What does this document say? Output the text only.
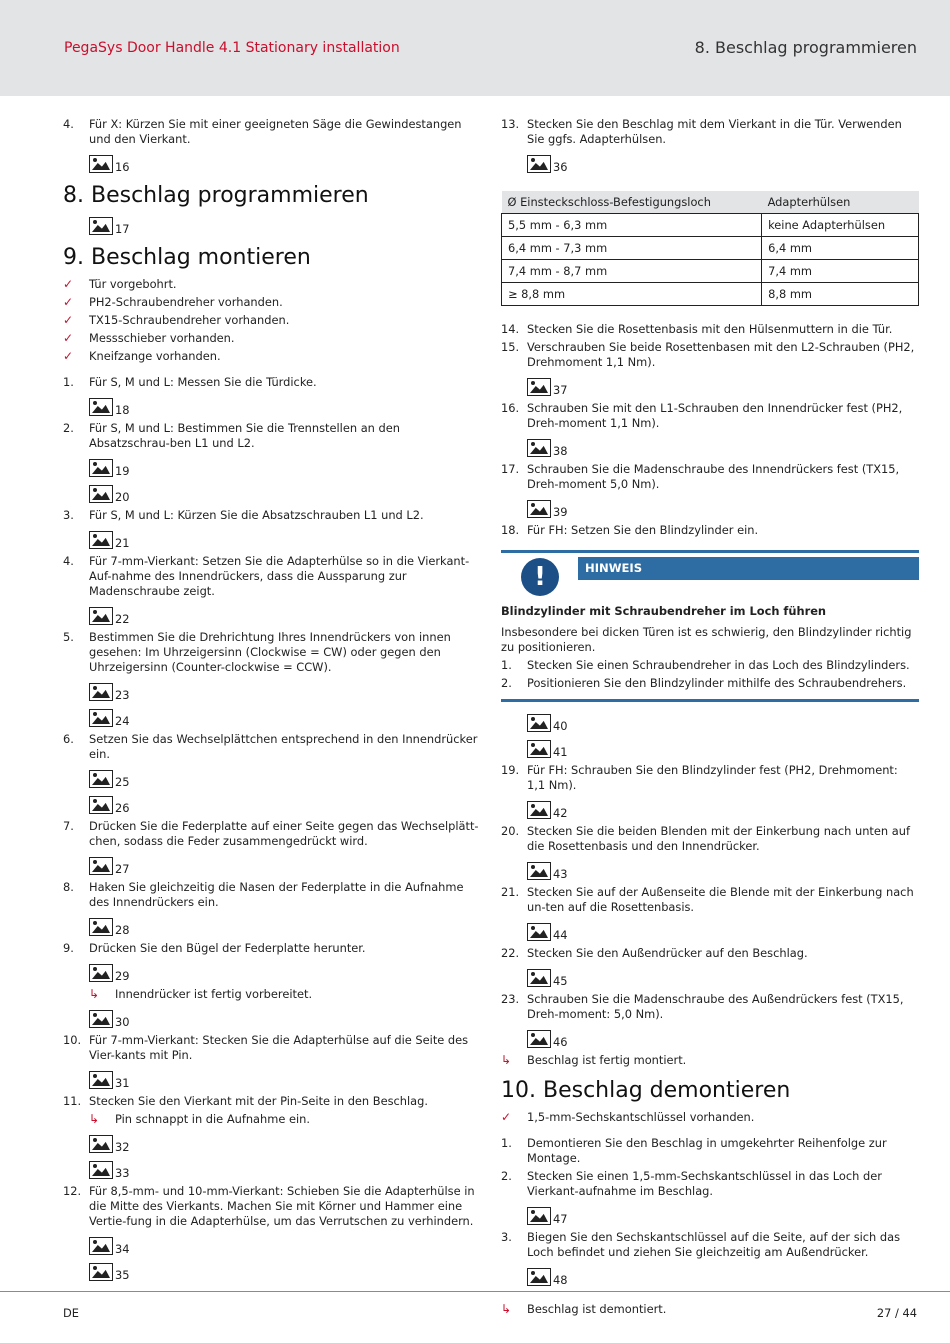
PegaSys Door Handle 4.1 Stationary installation	8. Beschlag programmieren
4.	Für X: Kürzen Sie mit einer geeigneten Säge die Gewindestangen und den Vierkant.
16
8. Beschlag programmieren
17
9. Beschlag montieren
✓	Tür vorgebohrt.
✓	PH2-Schraubendreher vorhanden.
✓	TX15-Schraubendreher vorhanden.
✓	Messschieber vorhanden.
✓	Kneifzange vorhanden.
1.	Für S, M und L: Messen Sie die Türdicke.
18
2.	Für S, M und L: Bestimmen Sie die Trennstellen an den Absatzschrau-ben L1 und L2.
19
20
3.	Für S, M und L: Kürzen Sie die Absatzschrauben L1 und L2.
21
4.	Für 7-mm-Vierkant: Setzen Sie die Adapterhülse so in die Vierkant-Auf-nahme des Innendrückers, dass die Aussparung zur Madenschraube zeigt.
22
5.	Bestimmen Sie die Drehrichtung Ihres Innendrückers von innen gesehen: Im Uhrzeigersinn (Clockwise = CW) oder gegen den Uhrzeigersinn (Counter-clockwise = CCW).
23
24
6.	Setzen Sie das Wechselplättchen entsprechend in den Innendrücker ein.
25
26
7.	Drücken Sie die Federplatte auf einer Seite gegen das Wechselplätt-chen, sodass die Feder zusammengedrückt wird.
27
8.	Haken Sie gleichzeitig die Nasen der Federplatte in die Aufnahme des Innendrückers ein.
28
9.	Drücken Sie den Bügel der Federplatte herunter.
29
↳	Innendrücker ist fertig vorbereitet.
30
10. Für 7-mm-Vierkant: Stecken Sie die Adapterhülse auf die Seite des Vier-kants mit Pin.
31
11. Stecken Sie den Vierkant mit der Pin-Seite in den Beschlag.
↳	Pin schnappt in die Aufnahme ein.
32
33
12. Für 8,5-mm- und 10-mm-Vierkant: Schieben Sie die Adapterhülse in die Mitte des Vierkants. Machen Sie mit Körner und Hammer eine Vertie-fung in die Adapterhülse, um das Verrutschen zu verhindern.
34
35
13. Stecken Sie den Beschlag mit dem Vierkant in die Tür. Verwenden Sie ggfs. Adapterhülsen.
36
Ø Einsteckschloss-Befestigungsloch	Adapterhülsen
5,5 mm - 6,3 mm	keine Adapterhülsen
6,4 mm - 7,3 mm	6,4 mm
7,4 mm - 8,7 mm	7,4 mm
≥ 8,8 mm	8,8 mm
14. Stecken Sie die Rosettenbasis mit den Hülsenmuttern in die Tür.
15. Verschrauben Sie beide Rosettenbasen mit den L2-Schrauben (PH2, Drehmoment 1,1 Nm).
37
16. Schrauben Sie mit den L1-Schrauben den Innendrücker fest (PH2, Dreh-moment 1,1 Nm).
38
17. Schrauben Sie die Madenschraube des Innendrückers fest (TX15, Dreh-moment 5,0 Nm).
39
18. Für FH: Setzen Sie den Blindzylinder ein.
!	HINWEIS
Blindzylinder mit Schraubendreher im Loch führen
Insbesondere bei dicken Türen ist es schwierig, den Blindzylinder richtig zu positionieren.
1.	Stecken Sie einen Schraubendreher in das Loch des Blindzylinders.
2.	Positionieren Sie den Blindzylinder mithilfe des Schraubendrehers.
40
41
19. Für FH: Schrauben Sie den Blindzylinder fest (PH2, Drehmoment: 1,1 Nm).
42
20. Stecken Sie die beiden Blenden mit der Einkerbung nach unten auf die Rosettenbasis und den Innendrücker.
43
21. Stecken Sie auf der Außenseite die Blende mit der Einkerbung nach un-ten auf die Rosettenbasis.
44
22. Stecken Sie den Außendrücker auf den Beschlag.
45
23. Schrauben Sie die Madenschraube des Außendrückers fest (TX15, Dreh-moment: 5,0 Nm).
46
↳	Beschlag ist fertig montiert.
10. Beschlag demontieren
✓	1,5-mm-Sechskantschlüssel vorhanden.
1.	Demontieren Sie den Beschlag in umgekehrter Reihenfolge zur Montage.
2.	Stecken Sie einen 1,5-mm-Sechskantschlüssel in das Loch der Vierkant-aufnahme im Beschlag.
47
3.	Biegen Sie den Sechskantschlüssel auf die Seite, auf der sich das Loch befindet und ziehen Sie gleichzeitig am Außendrücker.
48
↳	Beschlag ist demontiert.
DE	27 / 44
